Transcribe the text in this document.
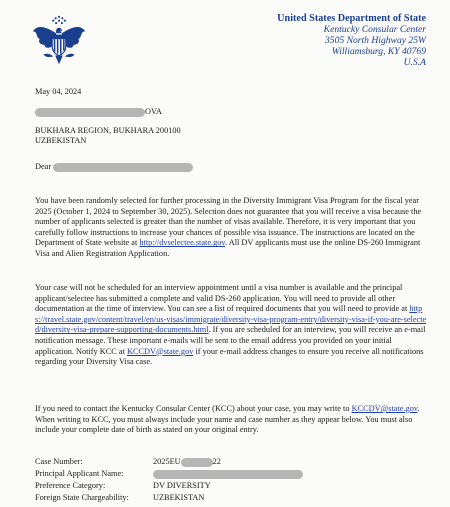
United States Department of State
Kentucky Consular Center
3505 North Highway 25W
Williamsburg, KY 40769
U.S.A
May 04, 2024
OVA
BUKHARA REGION, BUKHARA 200100
UZBEKISTAN
Dear
You have been randomly selected for further processing in the Diversity Immigrant Visa Program for the fiscal year 2025 (October 1, 2024 to September 30, 2025). Selection does not guarantee that you will receive a visa because the number of applicants selected is greater than the number of visas available. Therefore, it is very important that you carefully follow instructions to increase your chances of possible visa issuance. The instructions are located on the Department of State website at http://dvselectee.state.gov. All DV applicants must use the online DS-260 Immigrant Visa and Alien Registration Application.
Your case will not be scheduled for an interview appointment until a visa number is available and the principal applicant/selectee has submitted a complete and valid DS-260 application. You will need to provide all other documentation at the time of interview. You can see a list of required documents that you will need to provide at https://travel.state.gov/content/travel/en/us-visas/immigrate/diversity-visa-program-entry/diversity-visa-if-you-are-selected/diversity-visa-prepare-supporting-documents.html. If you are scheduled for an interview, you will receive an e-mail notification message. These important e-mails will be sent to the email address you provided on your initial application. Notify KCC at KCCDV@state.gov if your e-mail address changes to ensure you receive all notifications regarding your Diversity Visa case.
If you need to contact the Kentucky Consular Center (KCC) about your case, you may write to KCCDV@state.gov. When writing to KCC, you must always include your name and case number as they appear below. You must also include your complete date of birth as stated on your original entry.
Case Number:	2025EU	22
Principal Applicant Name:
Preference Category:	DV DIVERSITY
Foreign State Chargeability:	UZBEKISTAN
